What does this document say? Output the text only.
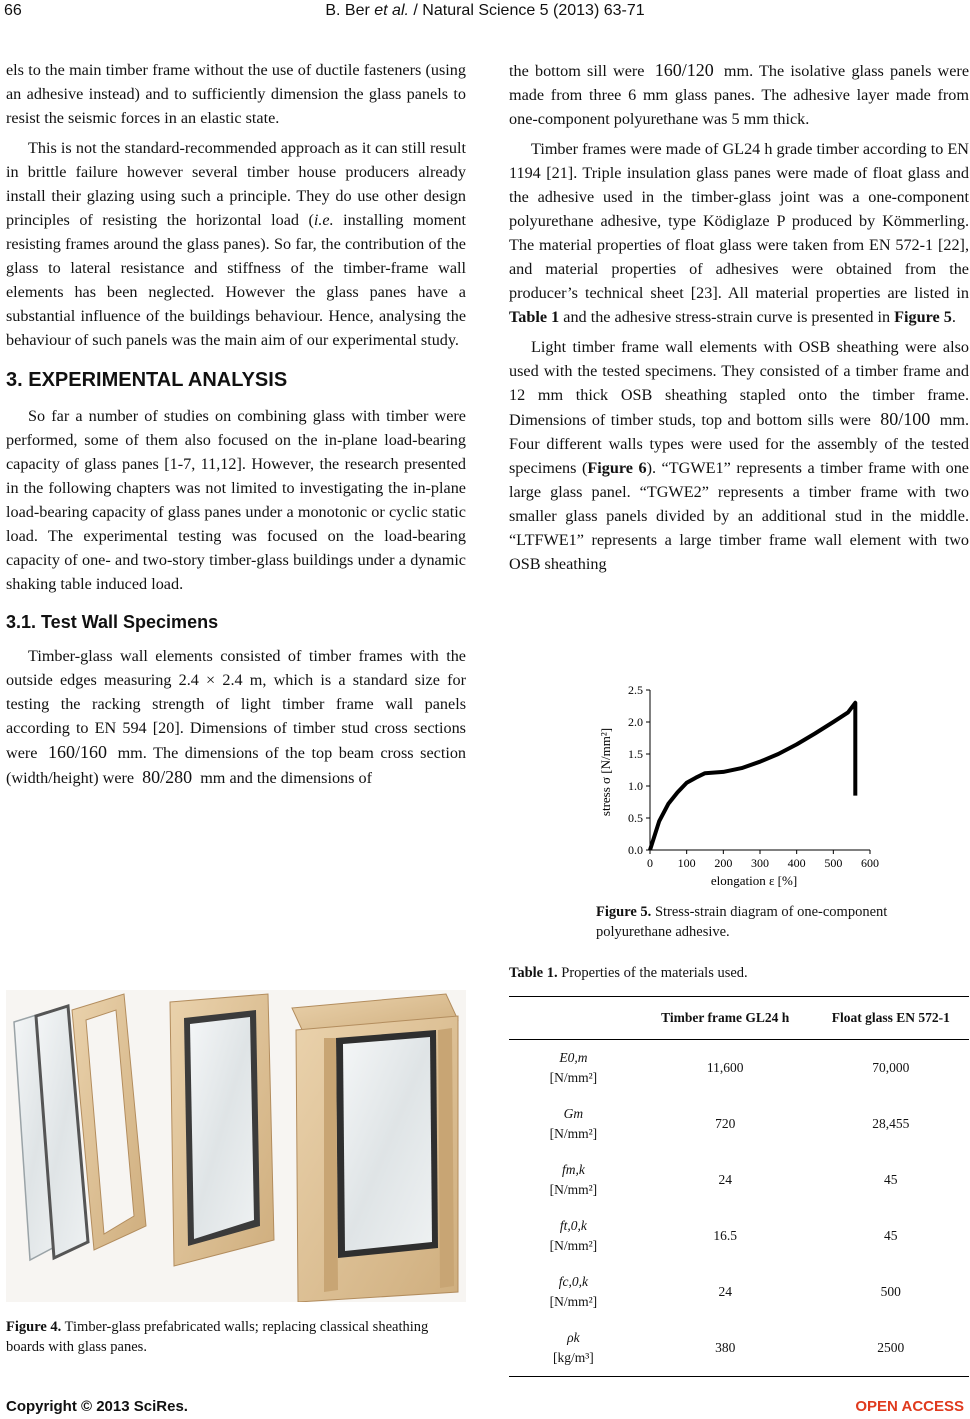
66	B. Ber et al. / Natural Science 5 (2013) 63-71

els to the main timber frame without the use of ductile fasteners (using an adhesive instead) and to sufficiently dimension the glass panels to resist the seismic forces in an elastic state.

This is not the standard-recommended approach as it can still result in brittle failure however several timber house producers already install their glazing using such a principle. They do use other design principles of resisting the horizontal load (i.e. installing moment resisting frames around the glass panes). So far, the contribution of the glass to lateral resistance and stiffness of the timber-frame wall elements has been neglected. However the glass panes have a substantial influence of the buildings behaviour. Hence, analysing the behaviour of such panels was the main aim of our experimental study.

3. EXPERIMENTAL ANALYSIS

So far a number of studies on combining glass with timber were performed, some of them also focused on the in-plane load-bearing capacity of glass panes [1-7, 11,12]. However, the research presented in the following chapters was not limited to investigating the in-plane load-bearing capacity of glass panes under a monotonic or cyclic static load. The experimental testing was focused on the load-bearing capacity of one- and two-story timber-glass buildings under a dynamic shaking table induced load.

3.1. Test Wall Specimens

Timber-glass wall elements consisted of timber frames with the outside edges measuring 2.4 × 2.4 m, which is a standard size for testing the racking strength of light timber frame wall panels according to EN 594 [20]. Dimensions of timber stud cross sections were 160/160 mm. The dimensions of the top beam cross section (width/height) were 80/280 mm and the dimensions of

the bottom sill were 160/120 mm. The isolative glass panels were made from three 6 mm glass panes. The adhesive layer made from one-component polyurethane was 5 mm thick.

Timber frames were made of GL24 h grade timber according to EN 1194 [21]. Triple insulation glass panes were made of float glass and the adhesive used in the timber-glass joint was a one-component polyurethane adhesive, type Ködiglaze P produced by Kömmerling. The material properties of float glass were taken from EN 572-1 [22], and material properties of adhesives were obtained from the producer’s technical sheet [23]. All material properties are listed in Table 1 and the adhesive stress-strain curve is presented in Figure 5.

Light timber frame wall elements with OSB sheathing were also used with the tested specimens. They consisted of a timber frame and 12 mm thick OSB sheathing stapled onto the timber frame. Dimensions of timber studs, top and bottom sills were 80/100 mm. Four different walls types were used for the assembly of the tested specimens (Figure 6). “TGWE1” represents a timber frame with one large glass panel. “TGWE2” represents a timber frame with two smaller glass panels divided by an additional stud in the middle. “LTFWE1” represents a large timber frame wall element with two OSB sheathing

Figure 4. Timber-glass prefabricated walls; replacing classical sheathing boards with glass panes.
0 100 200 300 400 500 600
0.0
0.5
1.0
1.5
2.0
2.5
elongation ε [%]
stress σ [N/mm²]
Figure 5. Stress-strain diagram of one-component polyurethane adhesive.
Table 1. Properties of the materials used.
	Timber frame GL24 h	Float glass EN 572-1
E0,m
[N/mm²]	11,600	70,000
Gm
[N/mm²]	720	28,455
fm,k
[N/mm²]	24	45
ft,0,k
[N/mm²]	16.5	45
fc,0,k
[N/mm²]	24	500
ρk
[kg/m³]	380	2500
Copyright © 2013 SciRes.	OPEN ACCESS
